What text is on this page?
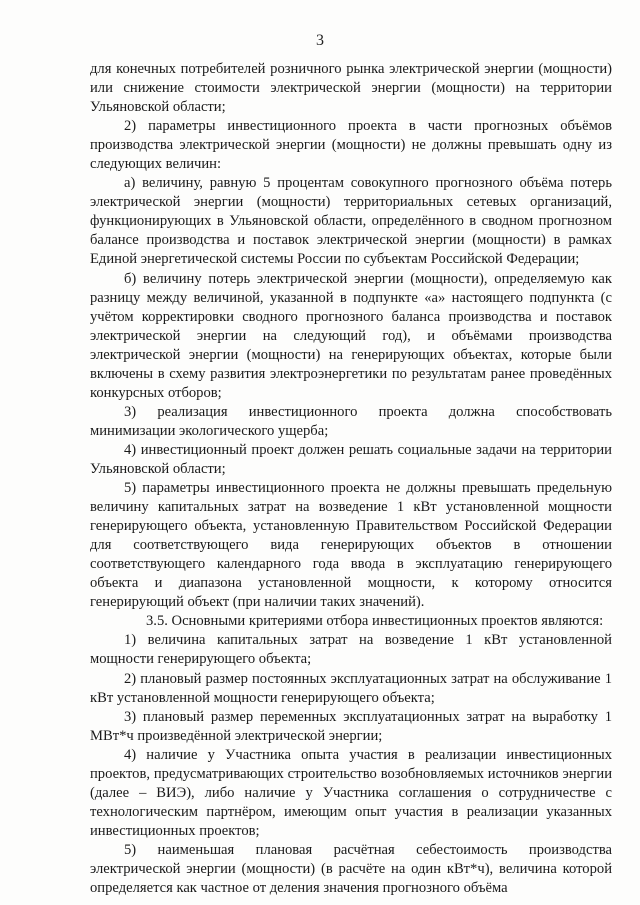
3

для конечных потребителей розничного рынка электрической энергии (мощности) или снижение стоимости электрической энергии (мощности) на территории Ульяновской области;

2) параметры инвестиционного проекта в части прогнозных объёмов производства электрической энергии (мощности) не должны превышать одну из следующих величин:

а) величину, равную 5 процентам совокупного прогнозного объёма потерь электрической энергии (мощности) территориальных сетевых организаций, функционирующих в Ульяновской области, определённого в сводном прогнозном балансе производства и поставок электрической энергии (мощности) в рамках Единой энергетической системы России по субъектам Российской Федерации;

б) величину потерь электрической энергии (мощности), определяемую как разницу между величиной, указанной в подпункте «а» настоящего подпункта (с учётом корректировки сводного прогнозного баланса производства и поставок электрической энергии на следующий год), и объёмами производства электрической энергии (мощности) на генерирующих объектах, которые были включены в схему развития электроэнергетики по результатам ранее проведённых конкурсных отборов;

3) реализация инвестиционного проекта должна способствовать минимизации экологического ущерба;

4) инвестиционный проект должен решать социальные задачи на территории Ульяновской области;

5) параметры инвестиционного проекта не должны превышать предельную величину капитальных затрат на возведение 1 кВт установленной мощности генерирующего объекта, установленную Правительством Российской Федерации для соответствующего вида генерирующих объектов в отношении соответствующего календарного года ввода в эксплуатацию генерирующего объекта и диапазона установленной мощности, к которому относится генерирующий объект (при наличии таких значений).

3.5. Основными критериями отбора инвестиционных проектов являются:

1) величина капитальных затрат на возведение 1 кВт установленной мощности генерирующего объекта;

2) плановый размер постоянных эксплуатационных затрат на обслуживание 1 кВт установленной мощности генерирующего объекта;

3) плановый размер переменных эксплуатационных затрат на выработку 1 МВт*ч произведённой электрической энергии;

4) наличие у Участника опыта участия в реализации инвестиционных проектов, предусматривающих строительство возобновляемых источников энергии (далее – ВИЭ), либо наличие у Участника соглашения о сотрудничестве с технологическим партнёром, имеющим опыт участия в реализации указанных инвестиционных проектов;

5) наименьшая плановая расчётная себестоимость производства электрической энергии (мощности) (в расчёте на один кВт*ч), величина которой определяется как частное от деления значения прогнозного объёма
